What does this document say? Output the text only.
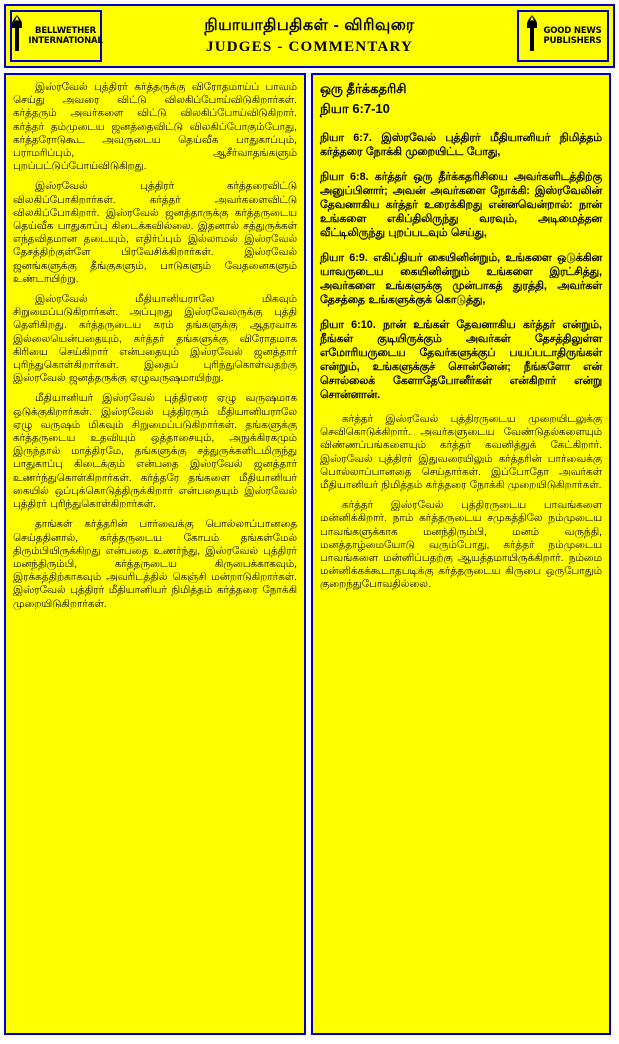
BELLWETHER
INTERNATIONAL
நியாயாதிபதிகள் - விரிவுரை
JUDGES - COMMENTARY
GOOD NEWS
PUBLISHERS

இஸ்ரவேல் புத்திரர் கர்த்தருக்கு விரோதமாய்ப் பாவம் செய்து அவரை விட்டு விலகிப்போய்விடுகிறார்கள். கர்த்தரும் அவர்களை விட்டு விலகிப்போய்விடுகிறார். கர்த்தர் தம்முடைய ஜனத்தைவிட்டு விலகிப்போகும்போது, கர்த்தரோடுகூட அவருடைய தெய்வீக பாதுகாப்பும், பராமரிப்பும், ஆசீர்வாதங்களும் புறப்பட்டுப்போய்விடுகிறது.

இஸ்ரவேல் புத்திரர் கர்த்தரைவிட்டு விலகிப்போகிறார்கள். கர்த்தர் அவர்களைவிட்டு விலகிப்போகிறார். இஸ்ரவேல் ஜனத்தாருக்கு கர்த்தருடைய தெய்வீக பாதுகாப்பு கிடைக்கவில்லை. இதனால் சத்துருக்கள் எந்தவிதமான தடையும், எதிர்ப்பும் இல்லாமல் இஸ்ரவேல் தேசத்திற்குள்ளே பிரவேசிக்கிறார்கள். இஸ்ரவேல் ஜனங்களுக்கு தீங்குகளும், பாடுகளும் வேதனைகளும் உண்டாயிற்று.

இஸ்ரவேல் மீதியானியராலே மிகவும் சிறுமைப்படுகிறார்கள். அப்புறது இஸ்ரவேலருக்கு புத்தி தெளிகிறது. கர்த்தருடைய கரம் தங்களுக்கு ஆதரவாக இல்லையென்பதையும், கர்த்தர் தங்களுக்கு விரோதமாக கிரியை செய்கிறார் என்பதையும் இஸ்ரவேல் ஜனத்தார் புரிந்துகொள்கிறார்கள். இதைப் புரிந்துகொள்வதற்கு இஸ்ரவேல் ஜனத்தருக்கு ஏழுவருஷமாயிற்று.

மீதியானியர் இஸ்ரவேல் புத்திரரை ஏழு வருஷமாக ஒடுக்குகிறார்கள். இஸ்ரவேல் புத்திரரும் மீதியானியராலே ஏழு வருஷம் மிகவும் சிறுமைப்படுகிறார்கள். தங்களுக்கு கர்த்தருடைய உதவியும் ஒத்தாசையும், அநுக்கிரகமும் இருந்தால் மாத்திரமே, தங்களுக்கு சத்துருக்களிடமிருந்து பாதுகாப்பு கிடைக்கும் என்பதை இஸ்ரவேல் ஜனத்தார் உணர்ந்துகொள்கிறார்கள். கர்த்தரே தங்களை மீதியானியர் கையில் ஒப்புக்கொடுத்திருக்கிறார் என்பதையும் இஸ்ரவேல் புத்திரர் புரிந்துகொள்கிறார்கள்.

தாங்கள் கர்த்தரின் பார்வைக்கு பொல்லாப்பானதை செய்ததினால், கர்த்தருடைய கோபம் தங்கள்மேல் திரும்பியிருக்கிறது என்பதை உணர்ந்து, இஸ்ரவேல் புத்திரர் மனந்திரும்பி, கர்த்தருடைய கிருபைக்காகவும், இரக்கத்திற்காகவும் அவரிடத்தில் கெஞ்சி மன்றாடுகிறார்கள். இஸ்ரவேல் புத்திரர் மீதியானியர் நிமித்தம் கர்த்தரை நோக்கி முறையிடுகிறார்கள்.

ஒரு தீர்க்கதரிசி
நியா 6:7-10

நியா 6:7. இஸ்ரவேல் புத்திரர் மீதியானியர் நிமித்தம் கர்த்தரை நோக்கி முறையிட்ட போது,

நியா 6:8. கர்த்தர் ஒரு தீர்க்கதரிசியை அவர்களிடத்திற்கு அனுப்பினார்; அவன் அவர்களை நோக்கி: இஸ்ரவேலின் தேவனாகிய கர்த்தர் உரைக்கிறது என்னவென்றால்: நான் உங்களை எகிப்திலிருந்து வரவும், அடிமைத்தன வீட்டிலிருந்து புறப்படவும் செய்து,

நியா 6:9. எகிப்தியர் கையினின்றும், உங்களை ஒடுக்கின யாவருடைய கையினின்றும் உங்களை இரட்சித்து, அவர்களை உங்களுக்கு முன்பாகத் துரத்தி, அவர்கள் தேசத்தை உங்களுக்குக் கொடுத்து,

நியா 6:10. நான் உங்கள் தேவனாகிய கர்த்தர் என்றும், நீங்கள் குடியிருக்கும் அவர்கள் தேசத்திலுள்ள எமோரியருடைய தேவர்களுக்குப் பயப்படாதிருங்கள் என்றும், உங்களுக்குச் சொன்னேன்; நீங்களோ என் சொல்லைக் கேளாதேபோனீர்கள் என்கிறார் என்று சொன்னான்.

கர்த்தர் இஸ்ரவேல் புத்திரருடைய முறையிடலுக்கு செவிகொடுக்கிறார். அவர்களுடைய வேண்டுதல்களையும் விண்ணப்பங்களையும் கர்த்தர் கவனித்துக் கேட்கிறார். இஸ்ரவேல் புத்திரர் இதுவரையிலும் கர்த்தரின் பார்வைக்கு பொல்லாப்பானதை செய்தார்கள். இப்போதோ அவர்கள் மீதியானியர் நிமித்தம் கர்த்தரை நோக்கி முறையிடுகிறார்கள்.

கர்த்தர் இஸ்ரவேல் புத்திரருடைய பாவங்களை மன்னிக்கிறார். நாம் கர்த்தருடைய சமுகத்திலே நம்முடைய பாவங்களுக்காக மனந்திரும்பி, மனம் வருந்தி, மனத்தாழ்மையோடு வரும்போது, கர்த்தர் நம்முடைய பாவங்களை மன்னிப்பதற்கு ஆயத்தமாயிருக்கிறார். நம்மை மன்னிக்கக்கூடாதபடிக்கு கர்த்தருடைய கிருபை ஒருபோதும் குறைந்துபோவதில்லை.
